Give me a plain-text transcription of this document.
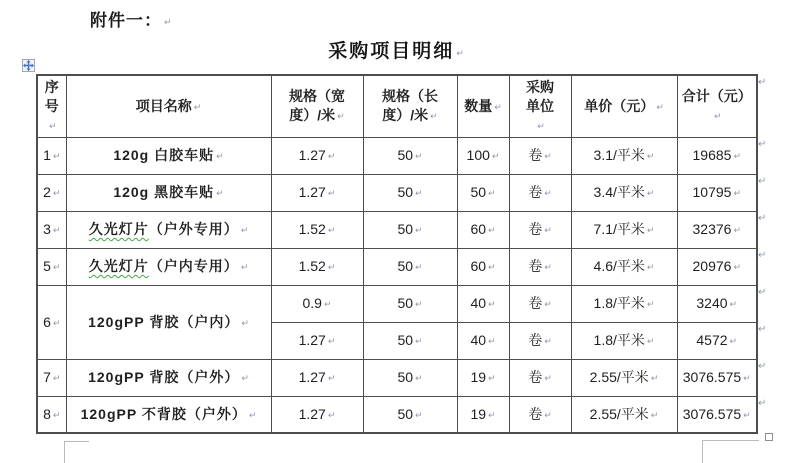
附件一： ↵
采购项目明细 ↵
序号↵	项目名称 ↵	规格（宽度）/米 ↵	规格（长度）/米 ↵	数量 ↵	采购单位↵	单价（元） ↵	合计（元）↵
1 ↵	120g 白胶车贴 ↵	1.27 ↵	50 ↵	100 ↵	卷 ↵	3.1/平米 ↵	19685 ↵
2 ↵	120g 黑胶车贴 ↵	1.27 ↵	50 ↵	50 ↵	卷 ↵	3.4/平米 ↵	10795 ↵
3 ↵	久光灯片（户外专用） ↵	1.52 ↵	50 ↵	60 ↵	卷 ↵	7.1/平米 ↵	32376 ↵
5 ↵	久光灯片（户内专用） ↵	1.52 ↵	50 ↵	60 ↵	卷 ↵	4.6/平米 ↵	20976 ↵
6 ↵	120gPP 背胶（户内） ↵	0.9 ↵	50 ↵	40 ↵	卷 ↵	1.8/平米 ↵	3240 ↵
		1.27 ↵	50 ↵	40 ↵	卷 ↵	1.8/平米 ↵	4572 ↵
7 ↵	120gPP 背胶（户外） ↵	1.27 ↵	50 ↵	19 ↵	卷 ↵	2.55/平米 ↵	3076.575 ↵
8 ↵	120gPP 不背胶（户外） ↵	1.27 ↵	50 ↵	19 ↵	卷 ↵	2.55/平米 ↵	3076.575 ↵
↵
↵
↵
↵
↵
↵
↵
↵
↵
